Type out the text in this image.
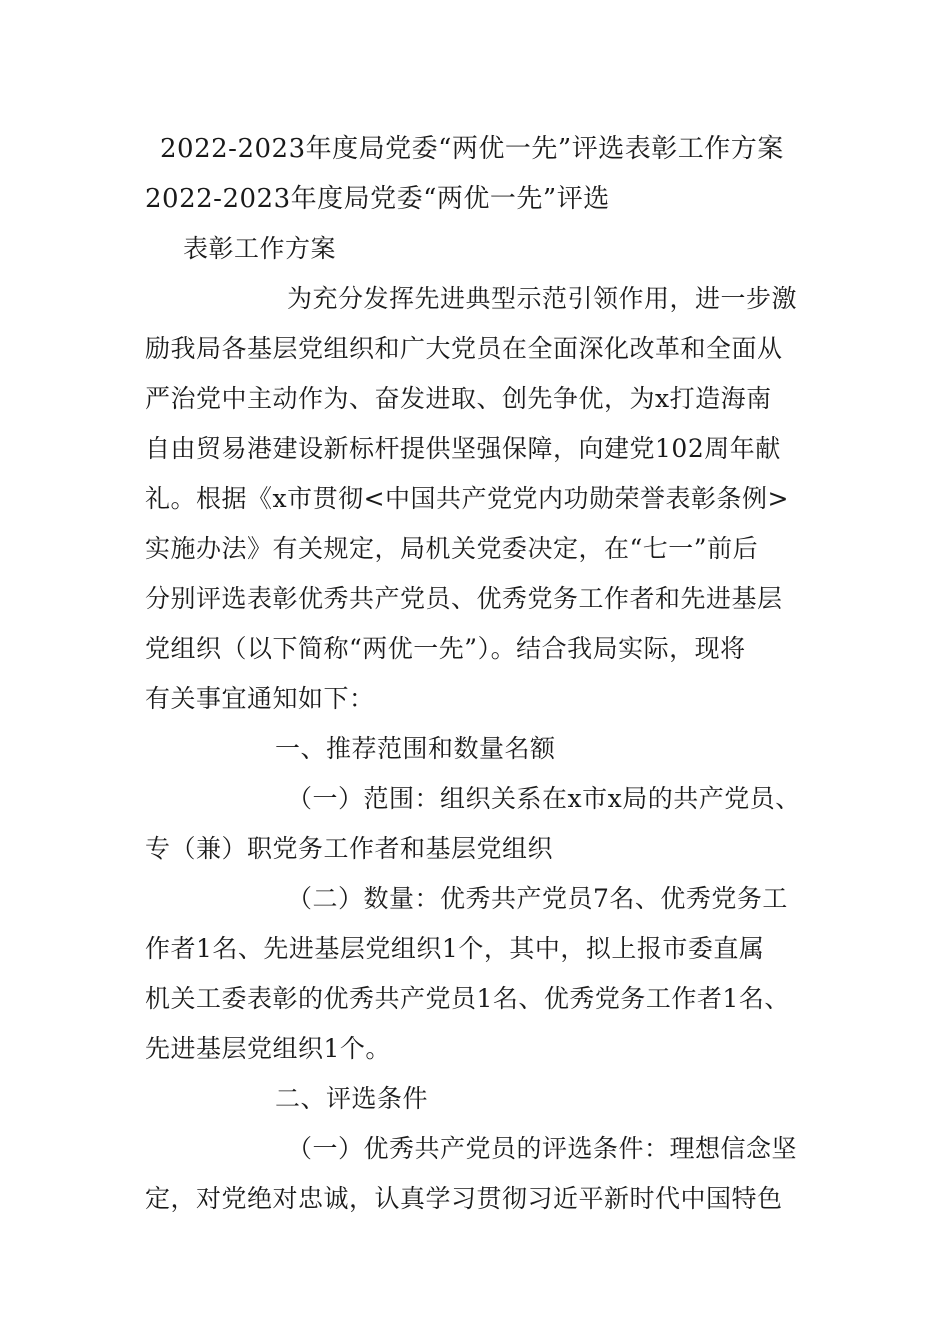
2022-2023年度局党委“两优一先”评选表彰工作方案
2022-2023年度局党委“两优一先”评选
表彰工作方案
为充分发挥先进典型示范引领作用，进一步激
励我局各基层党组织和广大党员在全面深化改革和全面从
严治党中主动作为、奋发进取、创先争优，为x打造海南
自由贸易港建设新标杆提供坚强保障，向建党102周年献
礼。根据《x市贯彻<中国共产党党内功勋荣誉表彰条例>
实施办法》有关规定，局机关党委决定，在“七一”前后
分别评选表彰优秀共产党员、优秀党务工作者和先进基层
党组织（以下简称“两优一先”）。结合我局实际，现将
有关事宜通知如下：
一、推荐范围和数量名额
（一）范围：组织关系在x市x局的共产党员、
专（兼）职党务工作者和基层党组织
（二）数量：优秀共产党员7名、优秀党务工
作者1名、先进基层党组织1个，其中，拟上报市委直属
机关工委表彰的优秀共产党员1名、优秀党务工作者1名、
先进基层党组织1个。
二、评选条件
（一）优秀共产党员的评选条件：理想信念坚
定，对党绝对忠诚，认真学习贯彻习近平新时代中国特色
